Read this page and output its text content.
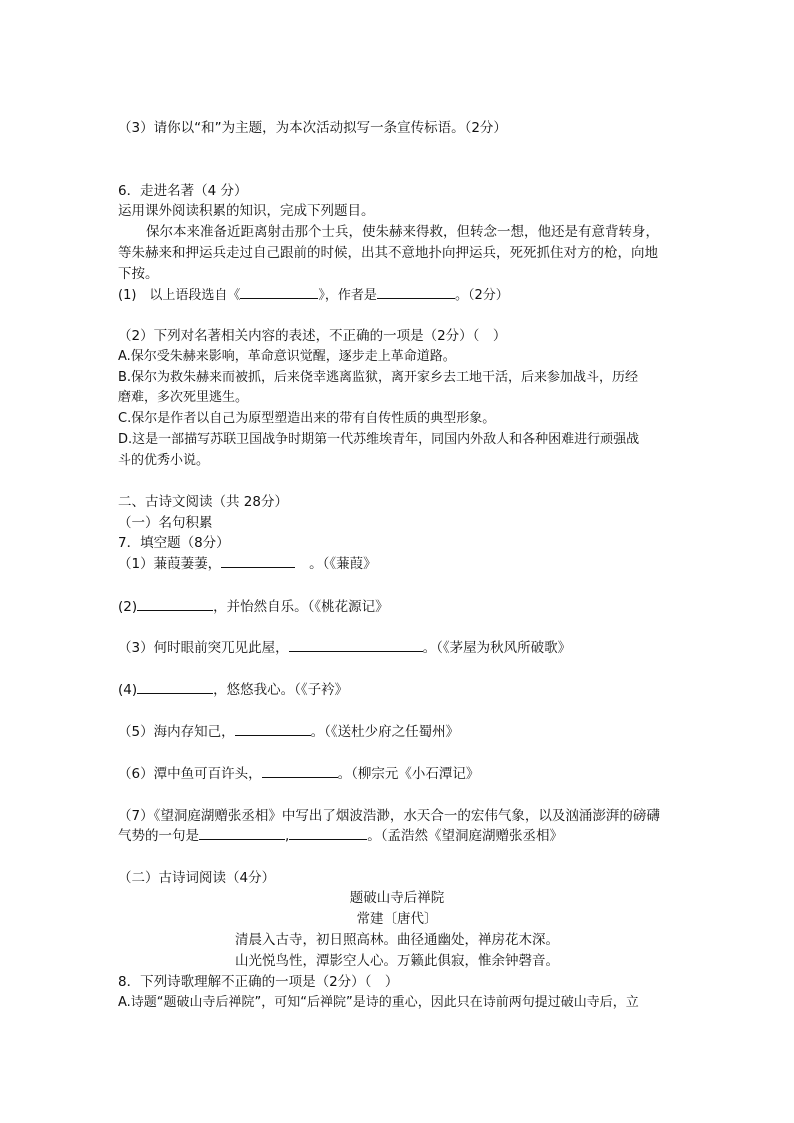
（3）请你以“和”为主题，为本次活动拟写一条宣传标语。（2分）
6．走进名著（4 分）
运用课外阅读积累的知识，完成下列题目。
保尔本来准备近距离射击那个士兵，使朱赫来得救，但转念一想，他还是有意背转身，
等朱赫来和押运兵走过自己跟前的时候，出其不意地扑向押运兵，死死抓住对方的枪，向地
下按。
(1)　以上语段选自《	》，作者是	。（2分）
（2）下列对名著相关内容的表述，不正确的一项是（2分）（　）
A.保尔受朱赫来影响，革命意识觉醒，逐步走上革命道路。
B.保尔为救朱赫来而被抓，后来侥幸逃离监狱，离开家乡去工地干活，后来参加战斗，历经
磨难，多次死里逃生。
C.保尔是作者以自己为原型塑造出来的带有自传性质的典型形象。
D.这是一部描写苏联卫国战争时期第一代苏维埃青年，同国内外敌人和各种困难进行顽强战
斗的优秀小说。
二、古诗文阅读（共 28分）
（一）名句积累
7．填空题（8分）
（1）蒹葭萋萋，	。（《蒹葭》
(2)	，并怡然自乐。（《桃花源记》
（3）何时眼前突兀见此屋，	。（《茅屋为秋风所破歌》
(4)	，悠悠我心。（《子衿》
（5）海内存知己，	。（《送杜少府之任蜀州》
（6）潭中鱼可百许头，	。（柳宗元《小石潭记》
（7）《望洞庭湖赠张丞相》中写出了烟波浩渺，水天合一的宏伟气象，以及汹涌澎湃的磅礴
气势的一句是	,	。（孟浩然《望洞庭湖赠张丞相》
（二）古诗词阅读（4分）
题破山寺后禅院
常建〔唐代〕
清晨入古寺，初日照高林。曲径通幽处，禅房花木深。
山光悦鸟性，潭影空人心。万籁此俱寂，惟余钟磬音。
8．下列诗歌理解不正确的一项是（2分）（　）
A.诗题“题破山寺后禅院”，可知“后禅院”是诗的重心，因此只在诗前两句提过破山寺后，立
